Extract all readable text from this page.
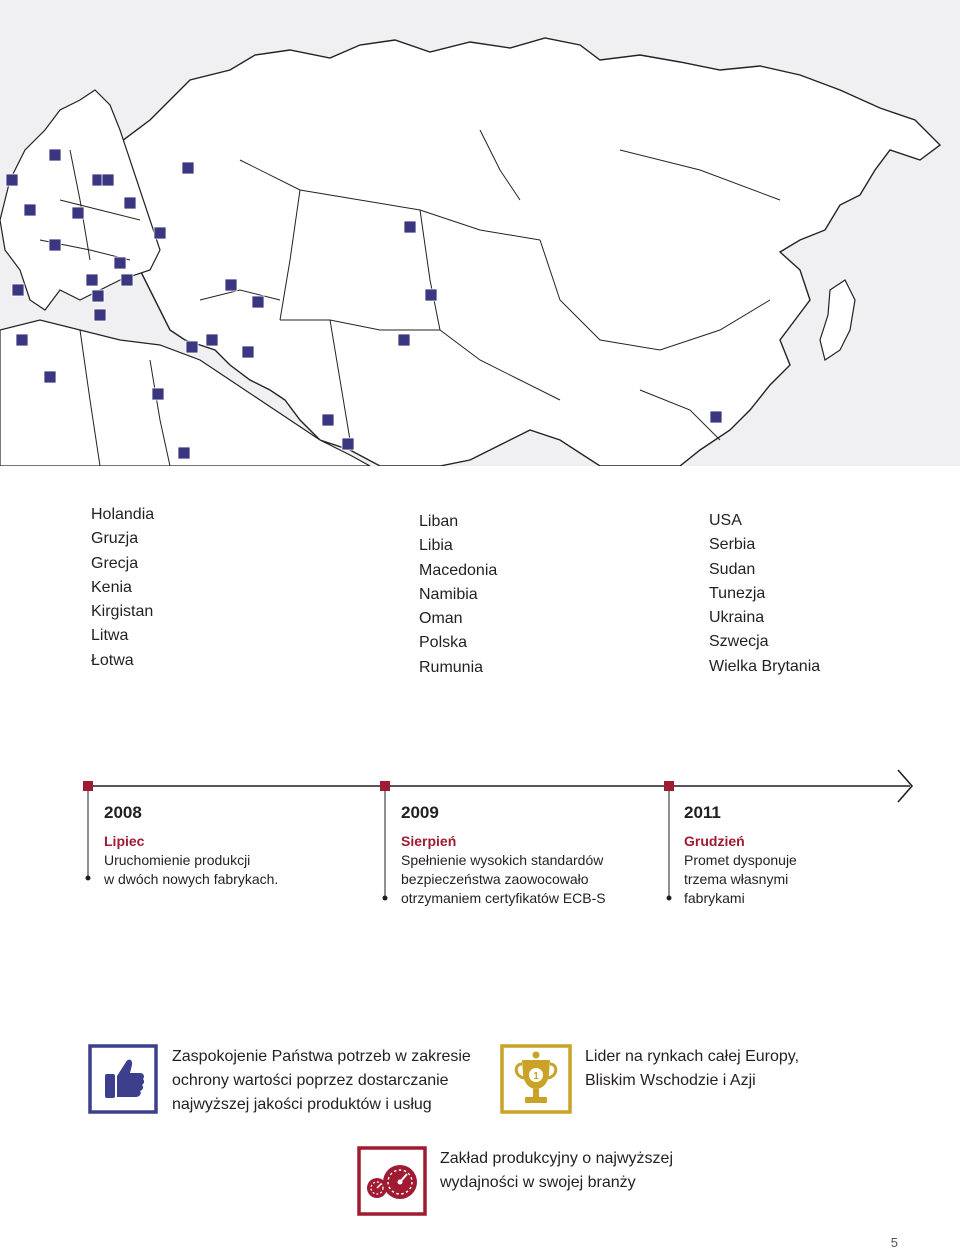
Holandia
Gruzja
Grecja
Kenia
Kirgistan
Litwa
Łotwa
Liban
Libia
Macedonia
Namibia
Oman
Polska
Rumunia
USA
Serbia
Sudan
Tunezja
Ukraina
Szwecja
Wielka Brytania
2008
Lipiec
Uruchomienie produkcji
w dwóch nowych fabrykach.
2009
Sierpień
Spełnienie wysokich standardów
bezpieczeństwa zaowocowało
otrzymaniem certyfikatów ECB-S
2011
Grudzień
Promet dysponuje
trzema własnymi
fabrykami
Zaspokojenie Państwa potrzeb w zakresie
ochrony wartości poprzez dostarczanie
najwyższej jakości produktów i usług
1
Lider na rynkach całej Europy,
Bliskim Wschodzie i Azji
Zakład produkcyjny o najwyższej
wydajności w swojej branży
5
